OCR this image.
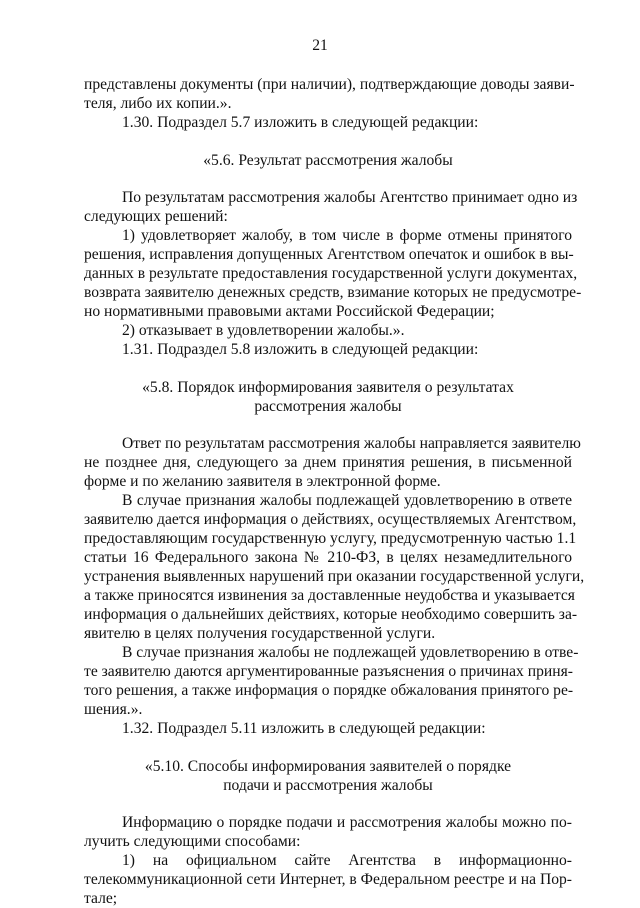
21
представлены документы (при наличии), подтверждающие доводы заяви-
теля, либо их копии.».
1.30. Подраздел 5.7 изложить в следующей редакции:
«5.6. Результат рассмотрения жалобы
По результатам рассмотрения жалобы Агентство принимает одно из
следующих решений:
1) удовлетворяет жалобу, в том числе в форме отмены принятого
решения, исправления допущенных Агентством опечаток и ошибок в вы-
данных в результате предоставления государственной услуги документах,
возврата заявителю денежных средств, взимание которых не предусмотре-
но нормативными правовыми актами Российской Федерации;
2) отказывает в удовлетворении жалобы.».
1.31. Подраздел 5.8 изложить в следующей редакции:
«5.8. Порядок информирования заявителя о результатах
рассмотрения жалобы
Ответ по результатам рассмотрения жалобы направляется заявителю
не позднее дня, следующего за днем принятия решения, в письменной
форме и по желанию заявителя в электронной форме.
В случае признания жалобы подлежащей удовлетворению в ответе
заявителю дается информация о действиях, осуществляемых Агентством,
предоставляющим государственную услугу, предусмотренную частью 1.1
статьи 16 Федерального закона № 210-ФЗ, в целях незамедлительного
устранения выявленных нарушений при оказании государственной услуги,
а также приносятся извинения за доставленные неудобства и указывается
информация о дальнейших действиях, которые необходимо совершить за-
явителю в целях получения государственной услуги.
В случае признания жалобы не подлежащей удовлетворению в отве-
те заявителю даются аргументированные разъяснения о причинах приня-
того решения, а также информация о порядке обжалования принятого ре-
шения.».
1.32. Подраздел 5.11 изложить в следующей редакции:
«5.10. Способы информирования заявителей о порядке
подачи и рассмотрения жалобы
Информацию о порядке подачи и рассмотрения жалобы можно по-
лучить следующими способами:
1) на официальном сайте Агентства в информационно-
телекоммуникационной сети Интернет, в Федеральном реестре и на Пор-
тале;
